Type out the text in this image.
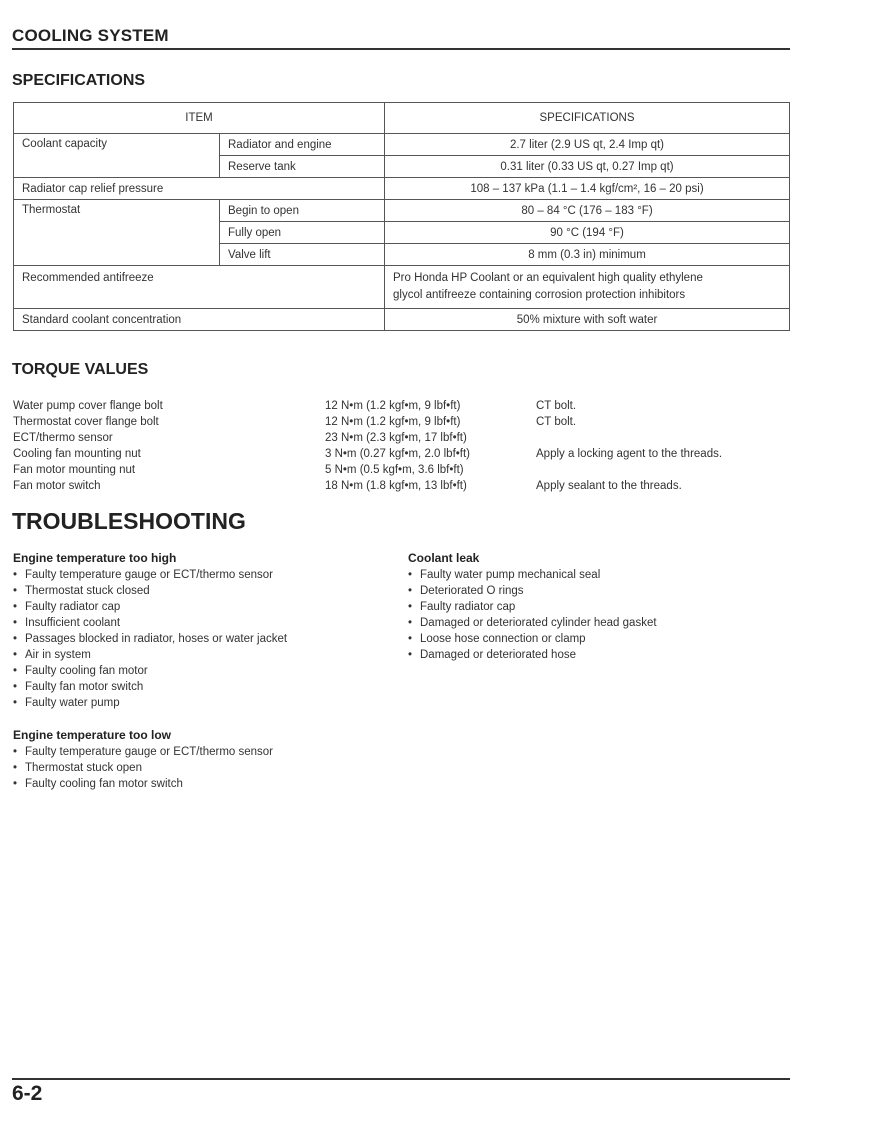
COOLING SYSTEM
SPECIFICATIONS
ITEM		SPECIFICATIONS
Coolant capacity	Radiator and engine	2.7 liter (2.9 US qt, 2.4 Imp qt)
	Reserve tank	0.31 liter (0.33 US qt, 0.27 Imp qt)
Radiator cap relief pressure		108 – 137 kPa (1.1 – 1.4 kgf/cm², 16 – 20 psi)
Thermostat	Begin to open	80 – 84 °C (176 – 183 °F)
	Fully open	90 °C (194 °F)
	Valve lift	8 mm (0.3 in) minimum
Recommended antifreeze		Pro Honda HP Coolant or an equivalent high quality ethylene
glycol antifreeze containing corrosion protection inhibitors

Standard coolant concentration		50% mixture with soft water
TORQUE VALUES
Water pump cover flange bolt	12 N•m (1.2 kgf•m, 9 lbf•ft)	CT bolt.
Thermostat cover flange bolt	12 N•m (1.2 kgf•m, 9 lbf•ft)	CT bolt.
ECT/thermo sensor	23 N•m (2.3 kgf•m, 17 lbf•ft)
Cooling fan mounting nut	3 N•m (0.27 kgf•m, 2.0 lbf•ft)	Apply a locking agent to the threads.
Fan motor mounting nut	5 N•m (0.5 kgf•m, 3.6 lbf•ft)
Fan motor switch	18 N•m (1.8 kgf•m, 13 lbf•ft)	Apply sealant to the threads.
TROUBLESHOOTING
Engine temperature too high
• Faulty temperature gauge or ECT/thermo sensor
• Thermostat stuck closed
• Faulty radiator cap
• Insufficient coolant
• Passages blocked in radiator, hoses or water jacket
• Air in system
• Faulty cooling fan motor
• Faulty fan motor switch
• Faulty water pump
Engine temperature too low
• Faulty temperature gauge or ECT/thermo sensor
• Thermostat stuck open
• Faulty cooling fan motor switch
Coolant leak
• Faulty water pump mechanical seal
• Deteriorated O rings
• Faulty radiator cap
• Damaged or deteriorated cylinder head gasket
• Loose hose connection or clamp
• Damaged or deteriorated hose
6-2
